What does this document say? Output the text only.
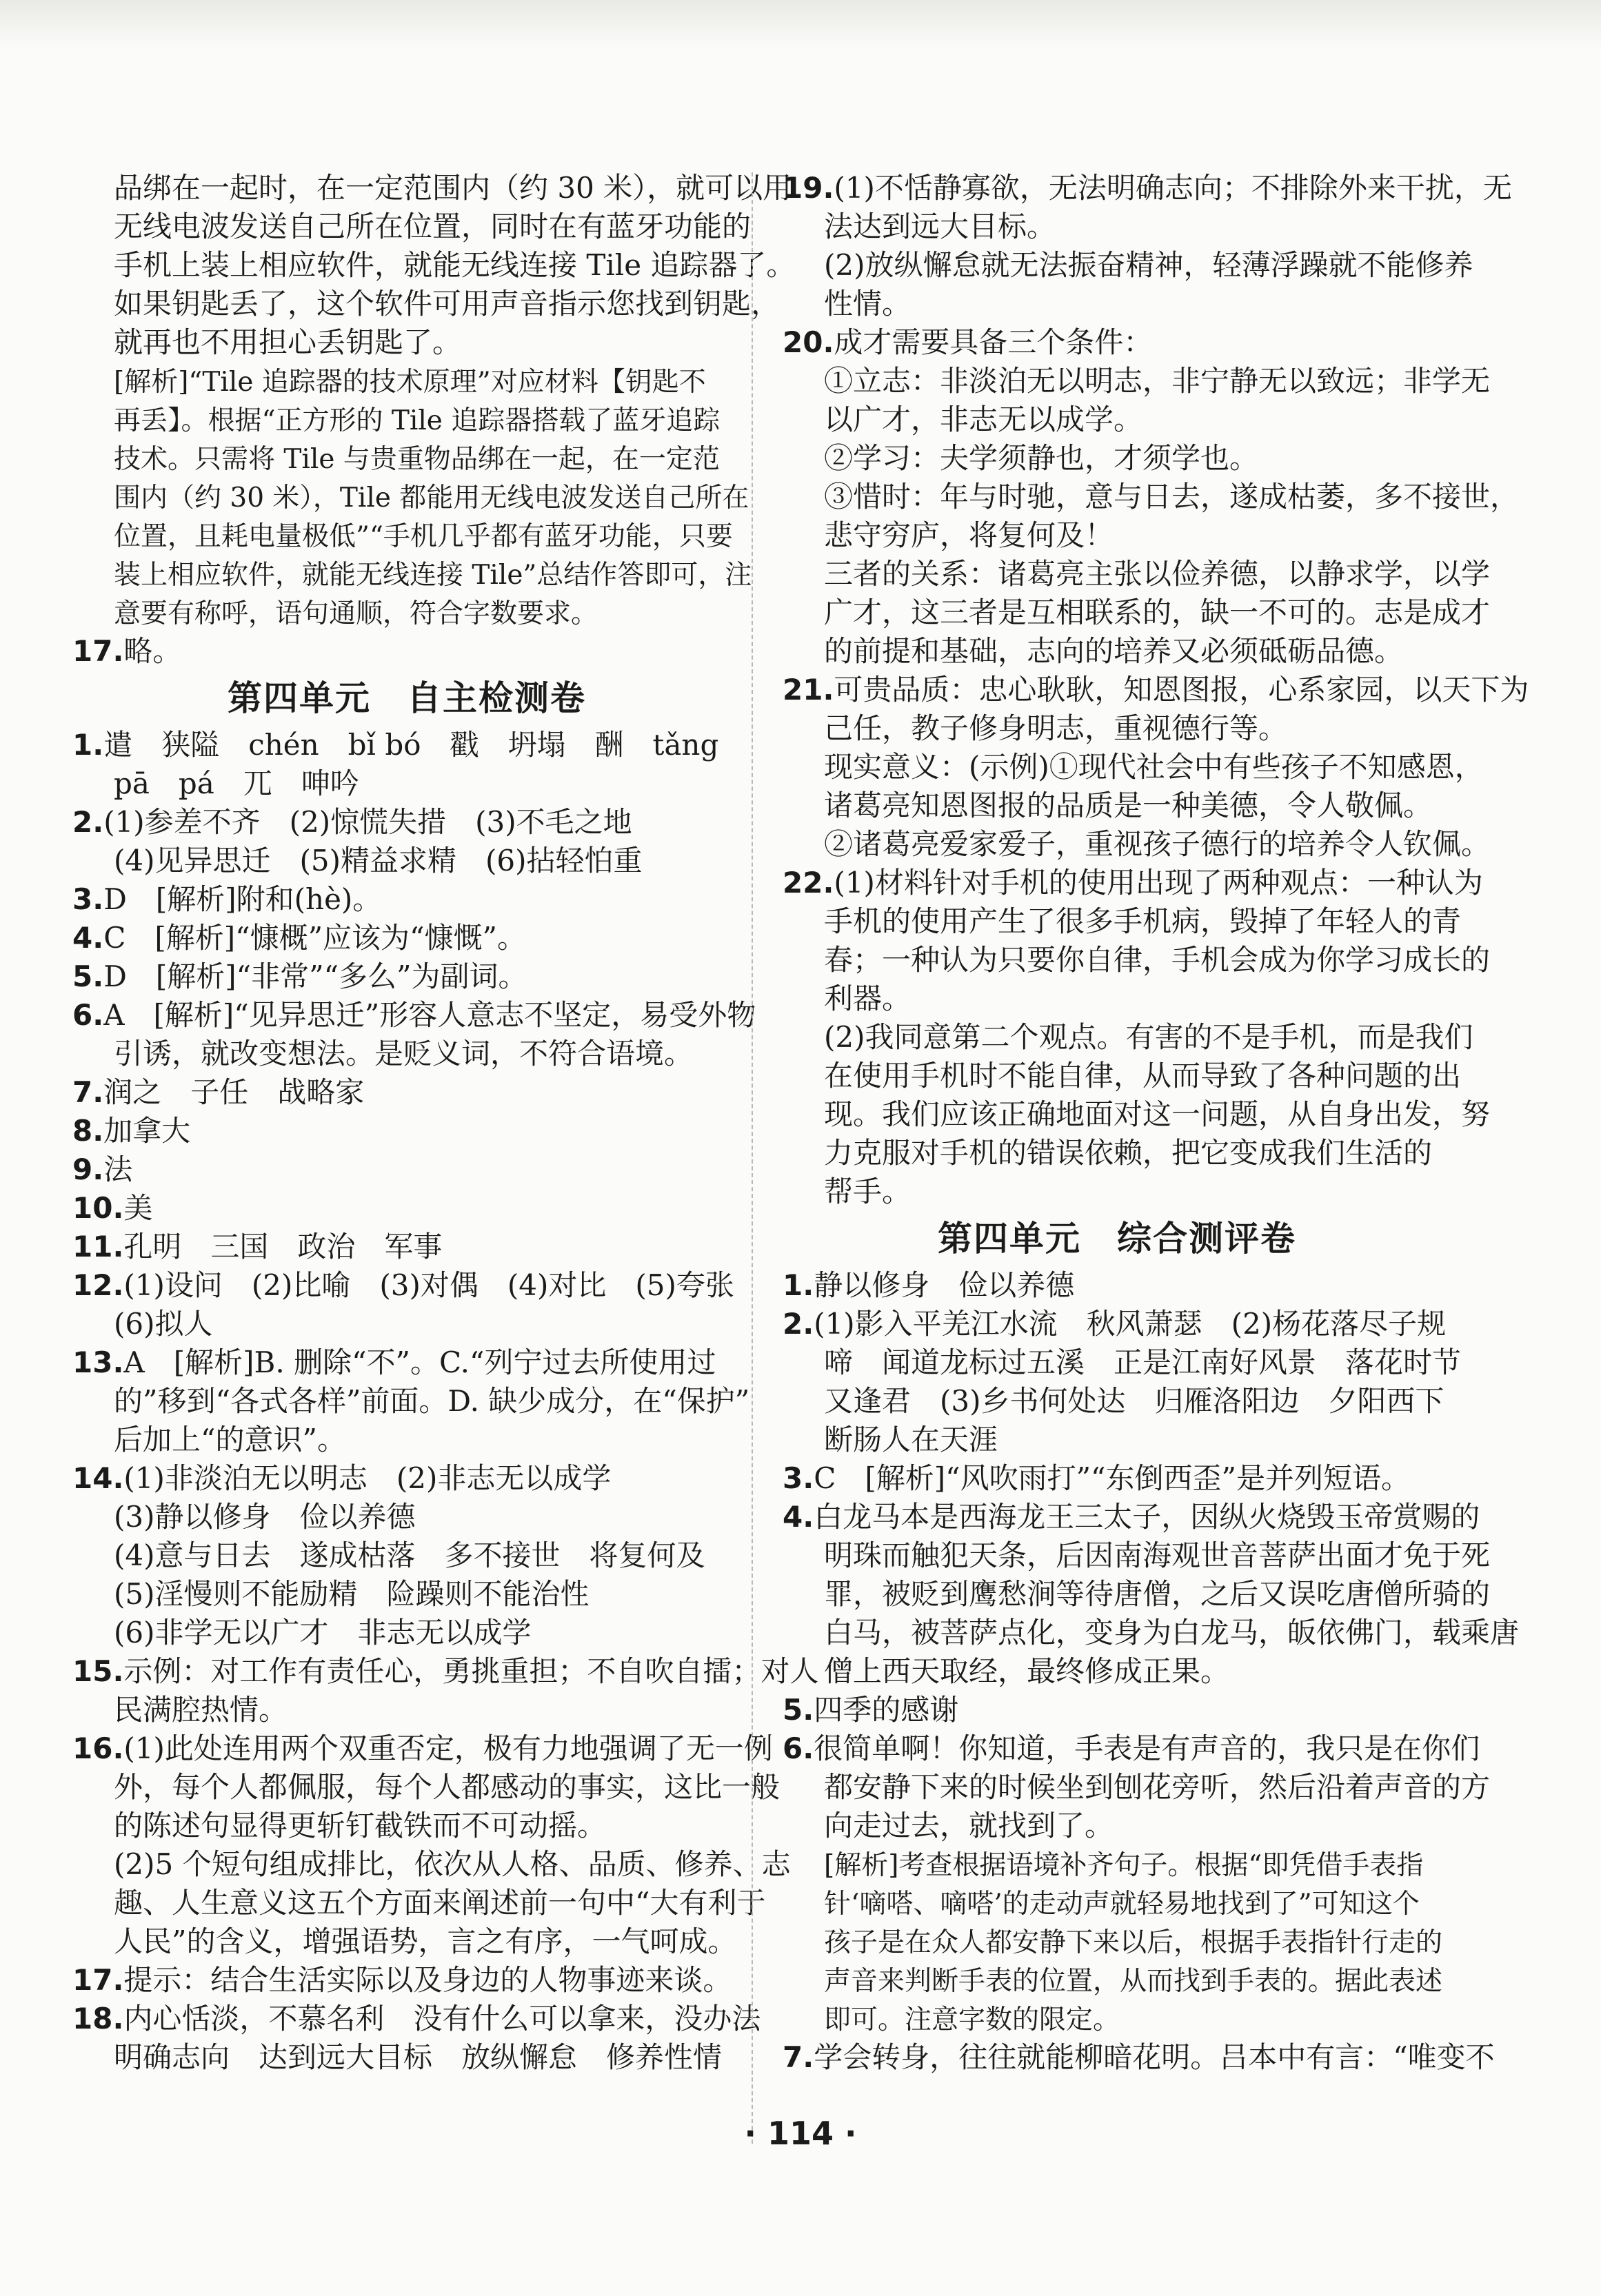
品绑在一起时，在一定范围内（约 30 米），就可以用
无线电波发送自己所在位置，同时在有蓝牙功能的
手机上装上相应软件，就能无线连接 Tile 追踪器了。
如果钥匙丢了，这个软件可用声音指示您找到钥匙，
就再也不用担心丢钥匙了。
[解析]“Tile 追踪器的技术原理”对应材料【钥匙不
再丢】。根据“正方形的 Tile 追踪器搭载了蓝牙追踪
技术。只需将 Tile 与贵重物品绑在一起，在一定范
围内（约 30 米），Tile 都能用无线电波发送自己所在
位置，且耗电量极低”“手机几乎都有蓝牙功能，只要
装上相应软件，就能无线连接 Tile”总结作答即可，注
意要有称呼，语句通顺，符合字数要求。
17.略。
第四单元　自主检测卷
1.遣　狭隘　chén　bǐ bó　戳　坍塌　酬　tǎng
pā　pá　兀　呻吟
2.(1)参差不齐　(2)惊慌失措　(3)不毛之地
(4)见异思迁　(5)精益求精　(6)拈轻怕重
3.D　[解析]附和(hè)。
4.C　[解析]“慷概”应该为“慷慨”。
5.D　[解析]“非常”“多么”为副词。
6.A　[解析]“见异思迁”形容人意志不坚定，易受外物
引诱，就改变想法。是贬义词，不符合语境。
7.润之　子任　战略家
8.加拿大
9.法
10.美
11.孔明　三国　政治　军事
12.(1)设问　(2)比喻　(3)对偶　(4)对比　(5)夸张
(6)拟人
13.A　[解析]B. 删除“不”。C.“列宁过去所使用过
的”移到“各式各样”前面。D. 缺少成分，在“保护”
后加上“的意识”。
14.(1)非淡泊无以明志　(2)非志无以成学
(3)静以修身　俭以养德
(4)意与日去　遂成枯落　多不接世　将复何及
(5)淫慢则不能励精　险躁则不能治性
(6)非学无以广才　非志无以成学
15.示例：对工作有责任心，勇挑重担；不自吹自擂；对人
民满腔热情。
16.(1)此处连用两个双重否定，极有力地强调了无一例
外，每个人都佩服，每个人都感动的事实，这比一般
的陈述句显得更斩钉截铁而不可动摇。
(2)5 个短句组成排比，依次从人格、品质、修养、志
趣、人生意义这五个方面来阐述前一句中“大有利于
人民”的含义，增强语势，言之有序，一气呵成。
17.提示：结合生活实际以及身边的人物事迹来谈。
18.内心恬淡，不慕名利　没有什么可以拿来，没办法
明确志向　达到远大目标　放纵懈怠　修养性情
19.(1)不恬静寡欲，无法明确志向；不排除外来干扰，无
法达到远大目标。
(2)放纵懈怠就无法振奋精神，轻薄浮躁就不能修养
性情。
20.成才需要具备三个条件：
①立志：非淡泊无以明志，非宁静无以致远；非学无
以广才，非志无以成学。
②学习：夫学须静也，才须学也。
③惜时：年与时驰，意与日去，遂成枯萎，多不接世，
悲守穷庐，将复何及！
三者的关系：诸葛亮主张以俭养德，以静求学，以学
广才，这三者是互相联系的，缺一不可的。志是成才
的前提和基础，志向的培养又必须砥砺品德。
21.可贵品质：忠心耿耿，知恩图报，心系家园，以天下为
己任，教子修身明志，重视德行等。
现实意义：(示例)①现代社会中有些孩子不知感恩，
诸葛亮知恩图报的品质是一种美德，令人敬佩。
②诸葛亮爱家爱子，重视孩子德行的培养令人钦佩。
22.(1)材料针对手机的使用出现了两种观点：一种认为
手机的使用产生了很多手机病，毁掉了年轻人的青
春；一种认为只要你自律，手机会成为你学习成长的
利器。
(2)我同意第二个观点。有害的不是手机，而是我们
在使用手机时不能自律，从而导致了各种问题的出
现。我们应该正确地面对这一问题，从自身出发，努
力克服对手机的错误依赖，把它变成我们生活的
帮手。
第四单元　综合测评卷
1.静以修身　俭以养德
2.(1)影入平羌江水流　秋风萧瑟　(2)杨花落尽子规
啼　闻道龙标过五溪　正是江南好风景　落花时节
又逢君　(3)乡书何处达　归雁洛阳边　夕阳西下
断肠人在天涯
3.C　[解析]“风吹雨打”“东倒西歪”是并列短语。
4.白龙马本是西海龙王三太子，因纵火烧毁玉帝赏赐的
明珠而触犯天条，后因南海观世音菩萨出面才免于死
罪，被贬到鹰愁涧等待唐僧，之后又误吃唐僧所骑的
白马，被菩萨点化，变身为白龙马，皈依佛门，载乘唐
僧上西天取经，最终修成正果。
5.四季的感谢
6.很简单啊！你知道，手表是有声音的，我只是在你们
都安静下来的时候坐到刨花旁听，然后沿着声音的方
向走过去，就找到了。
[解析]考查根据语境补齐句子。根据“即凭借手表指
针‘嘀嗒、嘀嗒’的走动声就轻易地找到了”可知这个
孩子是在众人都安静下来以后，根据手表指针行走的
声音来判断手表的位置，从而找到手表的。据此表述
即可。注意字数的限定。
7.学会转身，往往就能柳暗花明。吕本中有言：“唯变不
· 114 ·
